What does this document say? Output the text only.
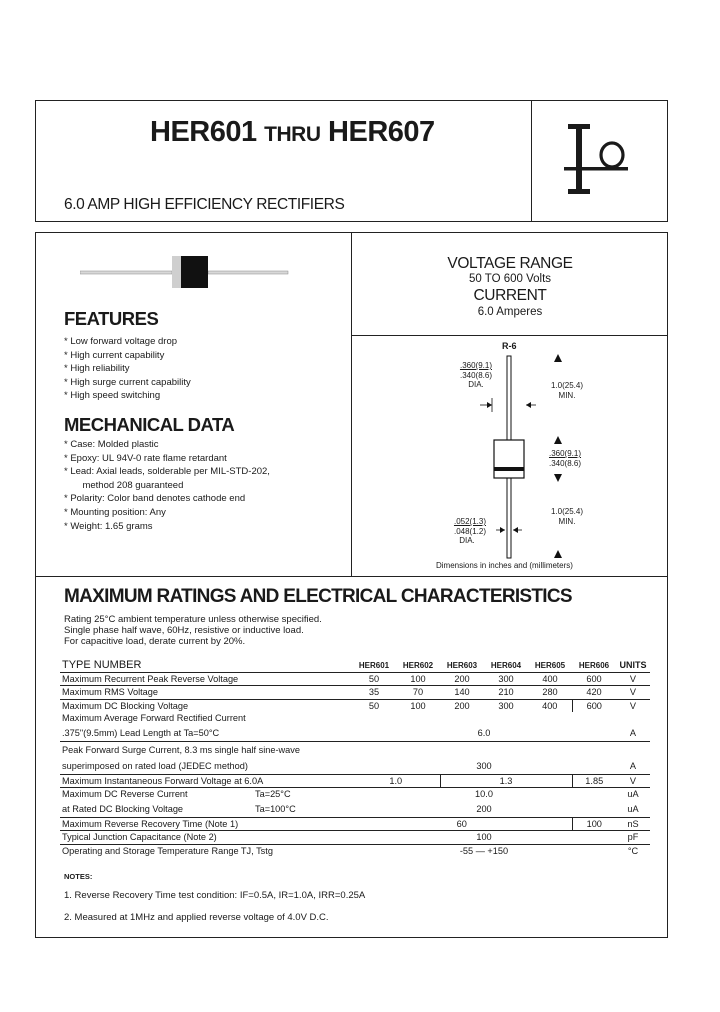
HER601 THRU HER607
6.0 AMP HIGH EFFICIENCY RECTIFIERS
FEATURES
* Low forward voltage drop
* High current capability
* High reliability
* High surge current capability
* High speed switching
MECHANICAL DATA
* Case: Molded plastic
* Epoxy: UL 94V-0 rate flame retardant
* Lead: Axial leads, solderable per MIL-STD-202,
method 208 guaranteed
* Polarity: Color band denotes cathode end
* Mounting position: Any
* Weight: 1.65 grams
VOLTAGE RANGE
50 TO 600 Volts
CURRENT
6.0 Amperes
R-6
.360(9.1)
.340(8.6)
DIA.	1.0(25.4)
MIN.
.360(9.1)
.340(8.6)
1.0(25.4)
MIN.
.052(1.3)
.048(1.2)
DIA.
Dimensions in inches and (millimeters)
MAXIMUM RATINGS AND ELECTRICAL CHARACTERISTICS
Rating 25°C ambient temperature unless otherwise specified.
Single phase half wave, 60Hz, resistive or inductive load.
For capacitive load, derate current by 20%.
TYPE NUMBER	HER601	HER602	HER603	HER604	HER605	HER606	UNITS
Maximum Recurrent Peak Reverse Voltage	50	100	200	300	400	600	V
Maximum RMS Voltage	35	70	140	210	280	420	V
Maximum DC Blocking Voltage	50	100	200	300	400	600	V
Maximum Average Forward Rectified Current							
.375"(9.5mm) Lead Length at Ta=50°C	6.0						A
Peak Forward Surge Current, 8.3 ms single half sine-wave							
superimposed on rated load (JEDEC method)	300						A
Maximum Instantaneous Forward Voltage at 6.0A	1.0		1.3			1.85	V
Maximum DC Reverse Current Ta=25°C	10.0						uA
at Rated DC Blocking Voltage Ta=100°C	200						uA
Maximum Reverse Recovery Time (Note 1)	60					100	nS
Typical Junction Capacitance (Note 2)	100						pF
Operating and Storage Temperature Range TJ, Tstg	-55 — +150						°C
NOTES:
1. Reverse Recovery Time test condition: IF=0.5A, IR=1.0A, IRR=0.25A
2. Measured at 1MHz and applied reverse voltage of 4.0V D.C.
